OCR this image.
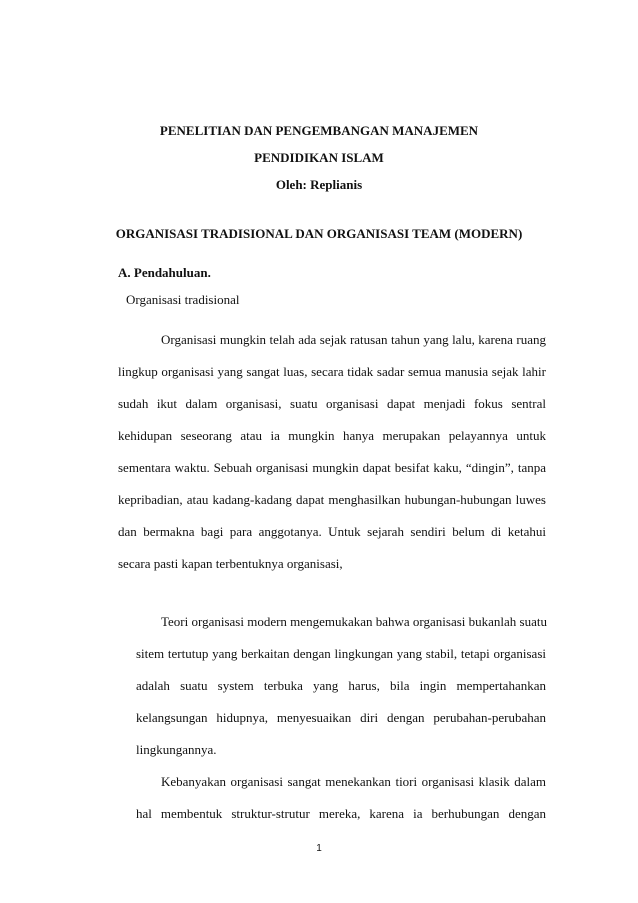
PENELITIAN DAN PENGEMBANGAN MANAJEMEN
PENDIDIKAN ISLAM
Oleh: Replianis
ORGANISASI TRADISIONAL DAN ORGANISASI TEAM (MODERN)
A. Pendahuluan.
Organisasi tradisional
Organisasi mungkin telah ada sejak ratusan tahun yang lalu, karena ruang
lingkup organisasi yang sangat luas, secara tidak sadar semua manusia sejak lahir
sudah ikut dalam organisasi, suatu organisasi dapat menjadi fokus sentral
kehidupan seseorang atau ia mungkin hanya merupakan pelayannya untuk
sementara waktu. Sebuah organisasi mungkin dapat besifat kaku, “dingin”, tanpa
kepribadian, atau kadang-kadang dapat menghasilkan hubungan-hubungan luwes
dan bermakna bagi para anggotanya. Untuk sejarah sendiri belum di ketahui
secara pasti kapan terbentuknya organisasi,
Teori organisasi modern mengemukakan bahwa organisasi bukanlah suatu
sitem tertutup yang berkaitan dengan lingkungan yang stabil, tetapi organisasi
adalah suatu system terbuka yang harus, bila ingin mempertahankan
kelangsungan hidupnya, menyesuaikan diri dengan perubahan-perubahan
lingkungannya.
Kebanyakan organisasi sangat menekankan tiori organisasi klasik dalam
hal membentuk struktur-strutur mereka, karena ia berhubungan dengan
1
